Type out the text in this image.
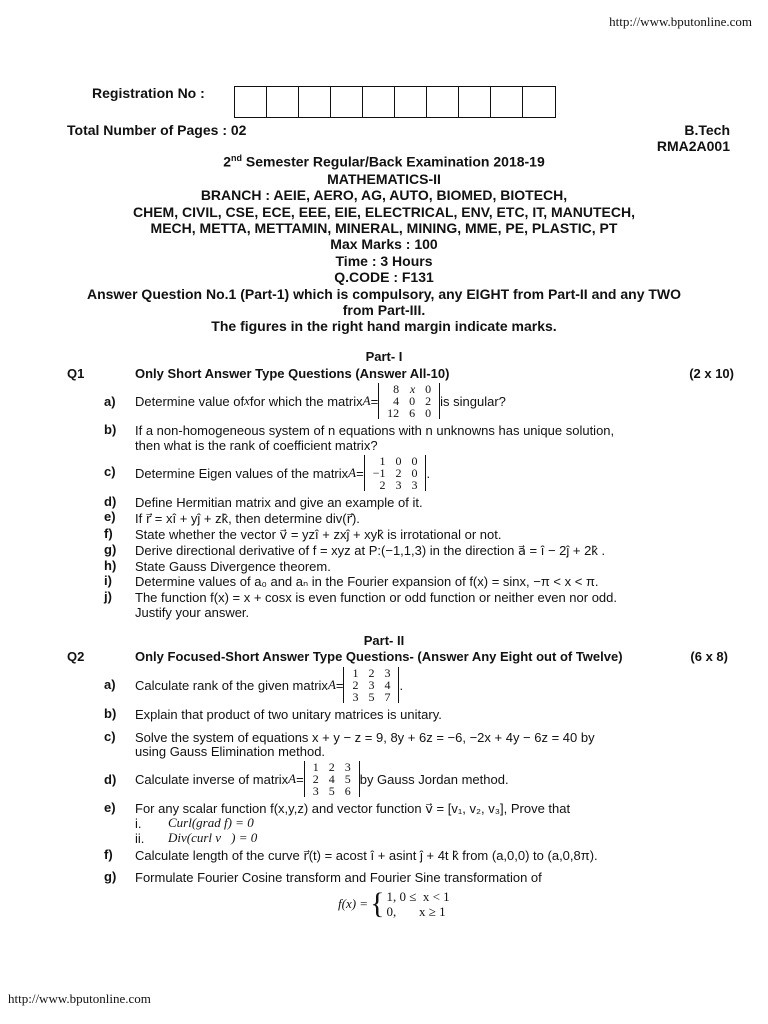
http://www.bputonline.com
Registration No :
Total Number of Pages : 02	B.Tech
RMA2A001
2nd Semester Regular/Back Examination 2018-19
MATHEMATICS-II
BRANCH : AEIE, AERO, AG, AUTO, BIOMED, BIOTECH,
CHEM, CIVIL, CSE, ECE, EEE, EIE, ELECTRICAL, ENV, ETC, IT, MANUTECH,
MECH, METTA, METTAMIN, MINERAL, MINING, MME, PE, PLASTIC, PT
Max Marks : 100
Time : 3 Hours
Q.CODE : F131
Answer Question No.1 (Part-1) which is compulsory, any EIGHT from Part-II and any TWO
from Part-III.
The figures in the right hand margin indicate marks.
Part- I
Q1	Only Short Answer Type Questions (Answer All-10)	(2 x 10)
a) Determine value of x for which the matrix A =
8	x	0
4	0	2
12	6	0
is singular?
b) If a non-homogeneous system of n equations with n unknowns has unique solution,
then what is the rank of coefficient matrix?
c) Determine Eigen values of the matrix A =
1	0	0
−1	2	0
2	3	3
.
d) Define Hermitian matrix and give an example of it.
e) If r⃗ = xî + yĵ + zk̂, then determine div(r⃗).
f) State whether the vector v⃗ = yzî + zxĵ + xyk̂ is irrotational or not.
g) Derive directional derivative of f = xyz at P:(−1,1,3) in the direction a⃗ = î − 2ĵ + 2k̂ .
h) State Gauss Divergence theorem.
i) Determine values of a₀ and aₙ in the Fourier expansion of f(x) = sinx, −π < x < π.
j) The function f(x) = x + cosx is even function or odd function or neither even nor odd.
Justify your answer.
Part- II
Q2	Only Focused-Short Answer Type Questions- (Answer Any Eight out of Twelve)	(6 x 8)
a) Calculate rank of the given matrix A =
1	2	3
2	3	4
3	5	7
.
b) Explain that product of two unitary matrices is unitary.
c) Solve the system of equations x + y − z = 9, 8y + 6z = −6, −2x + 4y − 6z = 40 by
using Gauss Elimination method.
d) Calculate inverse of matrix A =
1	2	3
2	4	5
3	5	6
by Gauss Jordan method.
e) For any scalar function f(x,y,z) and vector function v⃗ = [v₁, v₂, v₃], Prove that
i. Curl(grad f) = 0
ii. Div(curl v⃗) = 0
f) Calculate length of the curve r⃗(t) = acost î + asint ĵ + 4t k̂ from (a,0,0) to (a,0,8π).
g) Formulate Fourier Cosine transform and Fourier Sine transformation of
f(x) = { 1, 0 ≤  x < 1
0,       x ≥ 1
http://www.bputonline.com
